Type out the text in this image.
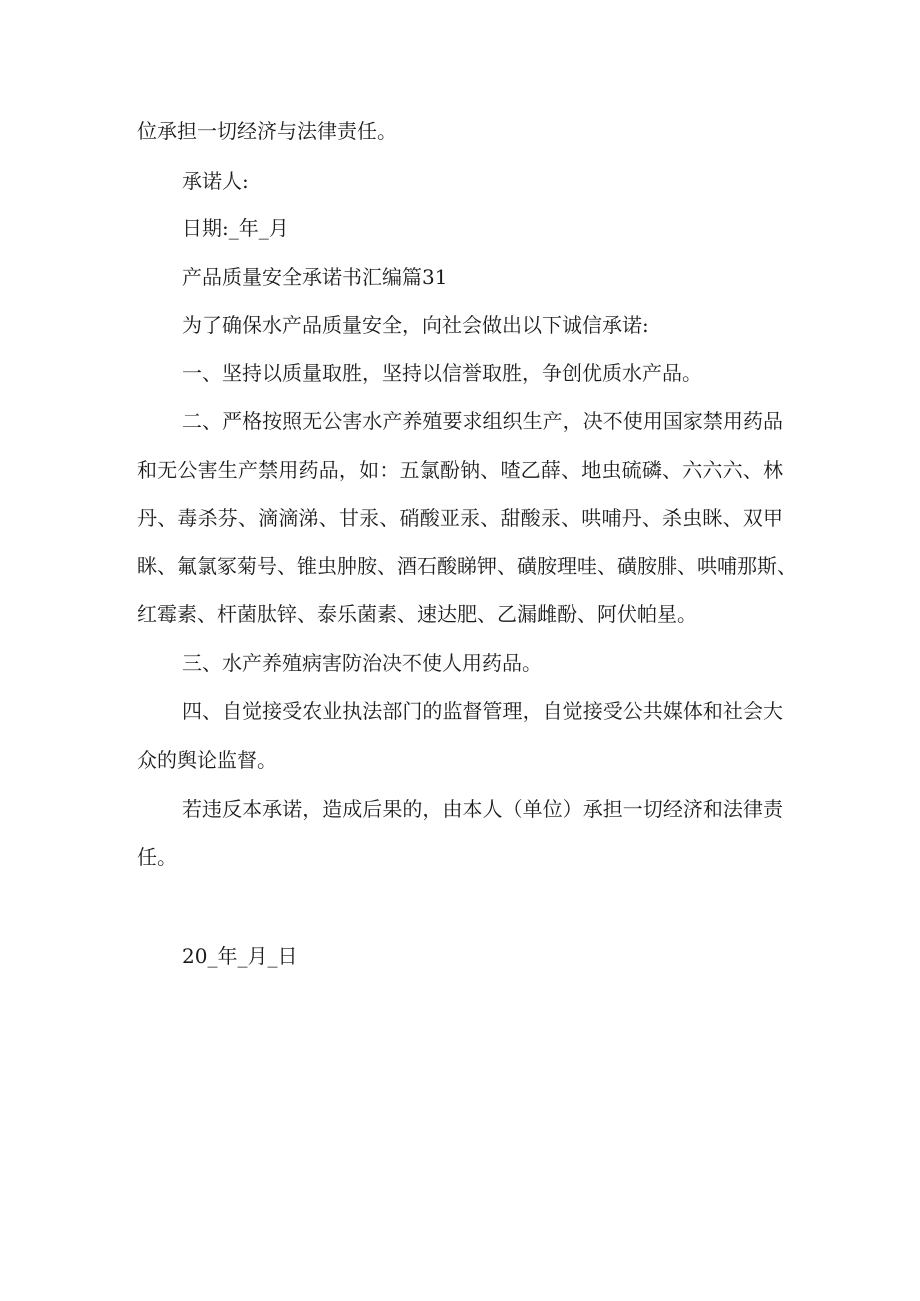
位承担一切经济与法律责任。

承诺人:

日期:_年_月

产品质量安全承诺书汇编篇31

为了确保水产品质量安全，向社会做出以下诚信承诺:

一、坚持以质量取胜，坚持以信誉取胜，争创优质水产品。

二、严格按照无公害水产养殖要求组织生产，决不使用国家禁用药品

和无公害生产禁用药品，如：五氯酚钠、喳乙薛、地虫硫磷、六六六、林

丹、毒杀芬、滴滴涕、甘汞、硝酸亚汞、甜酸汞、哄哺丹、杀虫眯、双甲

眯、氟氯冢菊号、锥虫肿胺、酒石酸睇钾、磺胺理哇、磺胺腓、哄哺那斯、

红霉素、杆菌肽锌、泰乐菌素、速达肥、乙漏雌酚、阿伏帕星。

三、水产养殖病害防治决不使人用药品。

四、自觉接受农业执法部门的监督管理，自觉接受公共媒体和社会大

众的舆论监督。

若违反本承诺，造成后果的，由本人（单位）承担一切经济和法律责

任。

20_年_月_日
